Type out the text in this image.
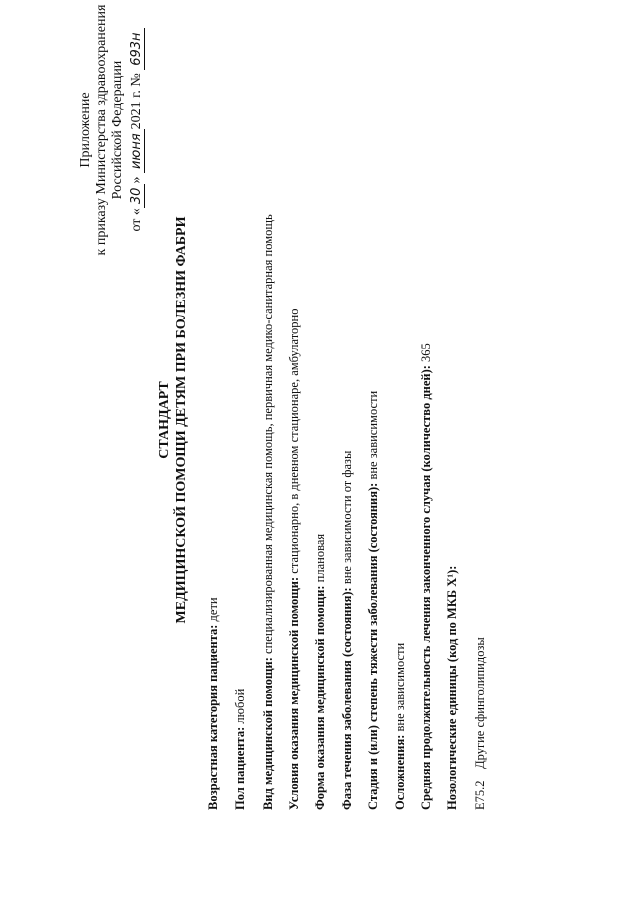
Приложение к приказу Министерства здравоохранения Российской Федерации
от «30» июня2021 г. № 693н
СТАНДАРТ МЕДИЦИНСКОЙ ПОМОЩИ ДЕТЯМ ПРИ БОЛЕЗНИ ФАБРИ
Возрастная категория пациента: дети
Пол пациента: любой Вид медицинской помощи: специализированная медицинская помощь, первичная медико-санитарная помощь
Условия оказания медицинской помощи: стационарно, в дневном стационаре, амбулаторно
Форма оказания медицинской помощи: плановая
Фаза течения заболевания (состояния): вне зависимости от фазы Стадия и (или) степень тяжести заболевания (состояния): вне зависимости
Осложнения: вне зависимости Средняя продолжительность лечения законченного случая (количество дней): 365
Нозологические единицы (код по МКБ X¹): E75.2 Другие сфинголипидозы
